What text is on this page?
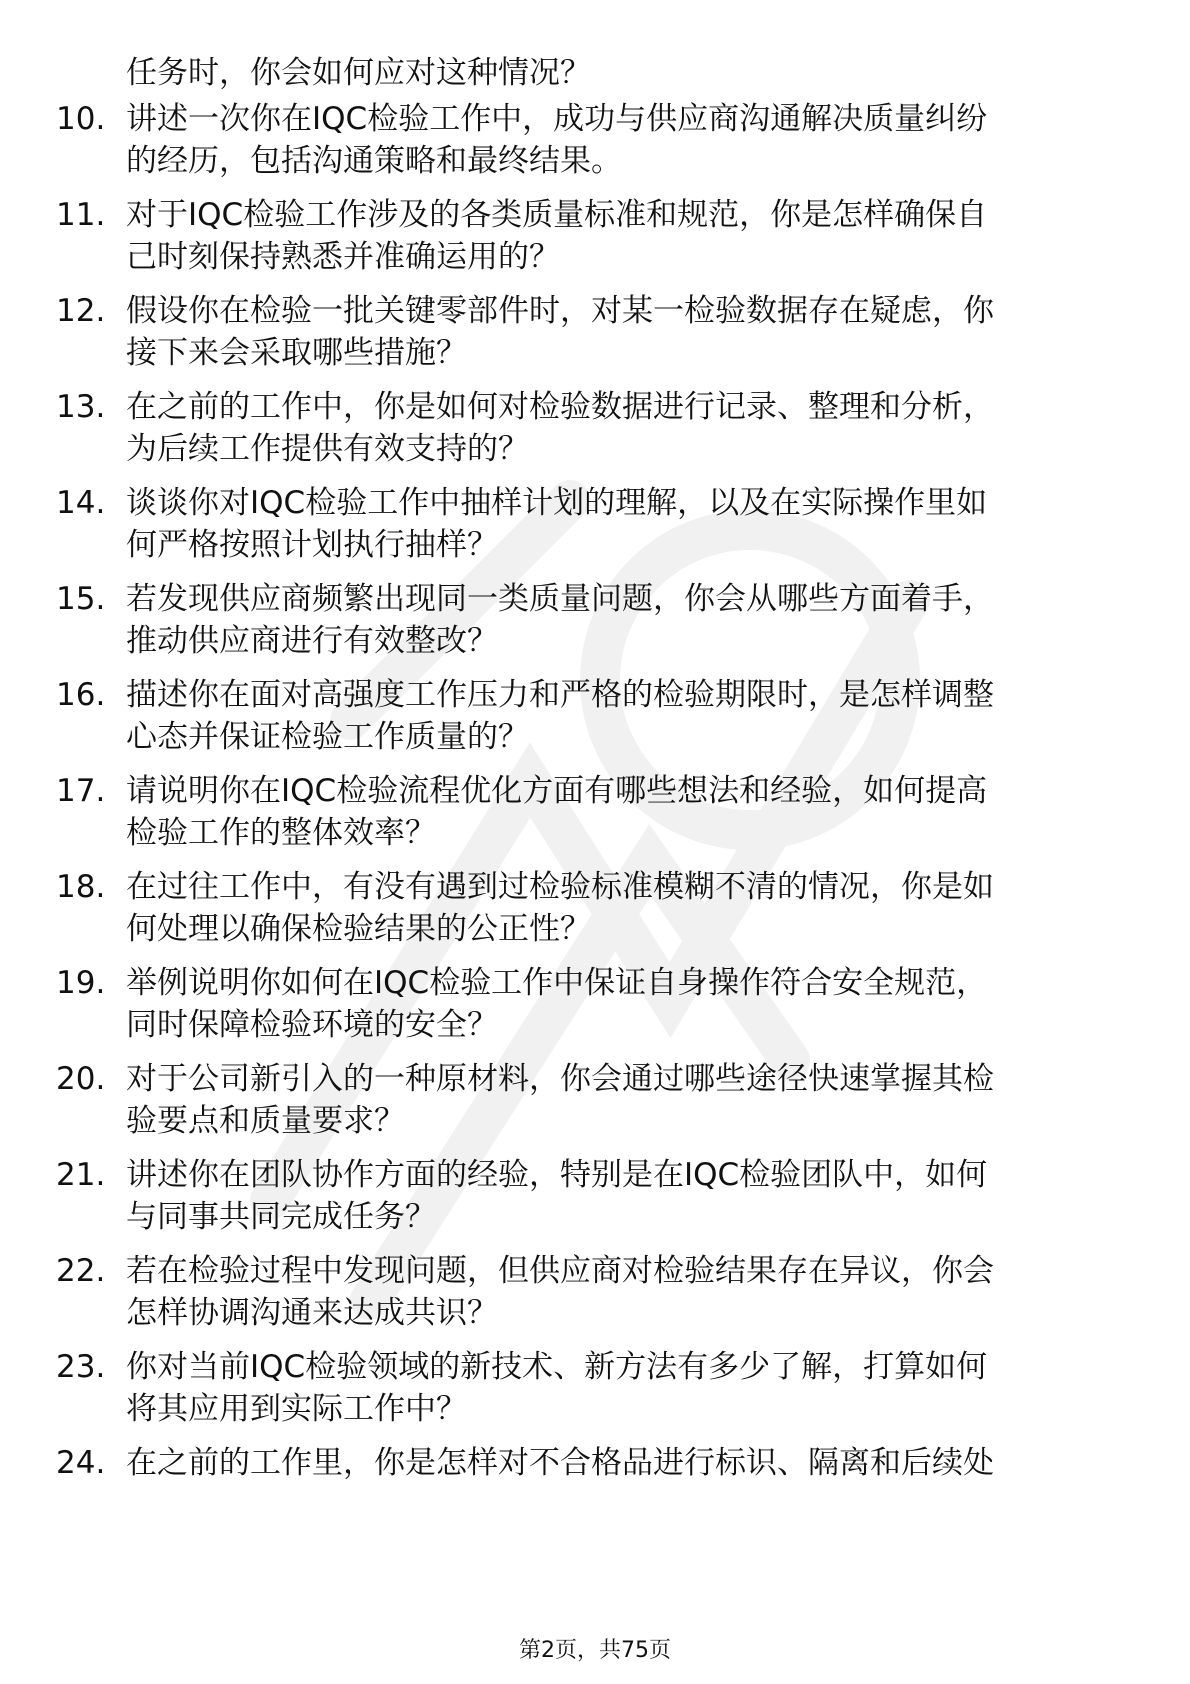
任务时，你会如何应对这种情况？
10. 讲述一次你在IQC检验工作中，成功与供应商沟通解决质量纠纷
的经历，包括沟通策略和最终结果。
11. 对于IQC检验工作涉及的各类质量标准和规范，你是怎样确保自
己时刻保持熟悉并准确运用的？
12. 假设你在检验一批关键零部件时，对某一检验数据存在疑虑，你
接下来会采取哪些措施？
13. 在之前的工作中，你是如何对检验数据进行记录、整理和分析，
为后续工作提供有效支持的？
14. 谈谈你对IQC检验工作中抽样计划的理解，以及在实际操作里如
何严格按照计划执行抽样？
15. 若发现供应商频繁出现同一类质量问题，你会从哪些方面着手，
推动供应商进行有效整改？
16. 描述你在面对高强度工作压力和严格的检验期限时，是怎样调整
心态并保证检验工作质量的？
17. 请说明你在IQC检验流程优化方面有哪些想法和经验，如何提高
检验工作的整体效率？
18. 在过往工作中，有没有遇到过检验标准模糊不清的情况，你是如
何处理以确保检验结果的公正性？
19. 举例说明你如何在IQC检验工作中保证自身操作符合安全规范，
同时保障检验环境的安全？
20. 对于公司新引入的一种原材料，你会通过哪些途径快速掌握其检
验要点和质量要求？
21. 讲述你在团队协作方面的经验，特别是在IQC检验团队中，如何
与同事共同完成任务？
22. 若在检验过程中发现问题，但供应商对检验结果存在异议，你会
怎样协调沟通来达成共识？
23. 你对当前IQC检验领域的新技术、新方法有多少了解，打算如何
将其应用到实际工作中？
24. 在之前的工作里，你是怎样对不合格品进行标识、隔离和后续处
第2页，共75页
